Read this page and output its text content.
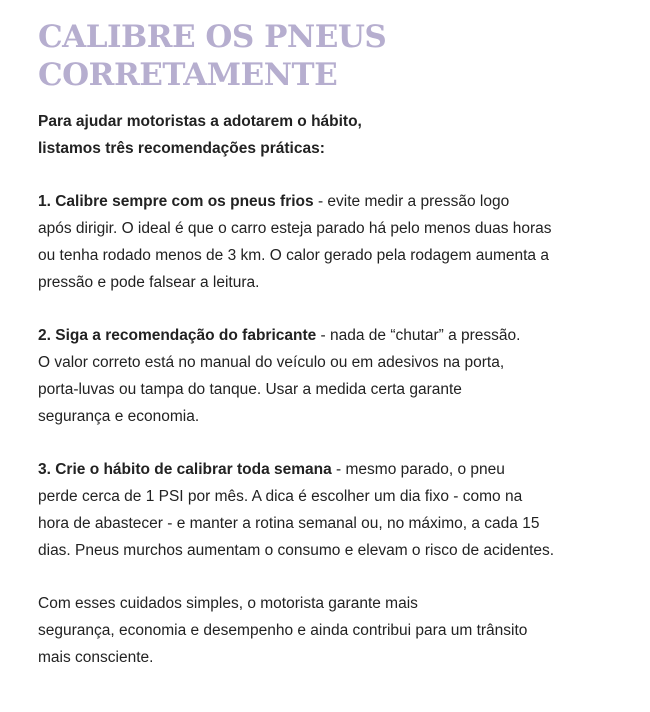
CALIBRE OS PNEUS
CORRETAMENTE
Para ajudar motoristas a adotarem o hábito,
listamos três recomendações práticas:
1. Calibre sempre com os pneus frios - evite medir a pressão logo
após dirigir. O ideal é que o carro esteja parado há pelo menos duas horas
ou tenha rodado menos de 3 km. O calor gerado pela rodagem aumenta a
pressão e pode falsear a leitura.
2. Siga a recomendação do fabricante - nada de “chutar” a pressão.
O valor correto está no manual do veículo ou em adesivos na porta,
porta-luvas ou tampa do tanque. Usar a medida certa garante
segurança e economia.
3. Crie o hábito de calibrar toda semana - mesmo parado, o pneu
perde cerca de 1 PSI por mês. A dica é escolher um dia fixo - como na
hora de abastecer - e manter a rotina semanal ou, no máximo, a cada 15
dias. Pneus murchos aumentam o consumo e elevam o risco de acidentes.
Com esses cuidados simples, o motorista garante mais
segurança, economia e desempenho e ainda contribui para um trânsito
mais consciente.
